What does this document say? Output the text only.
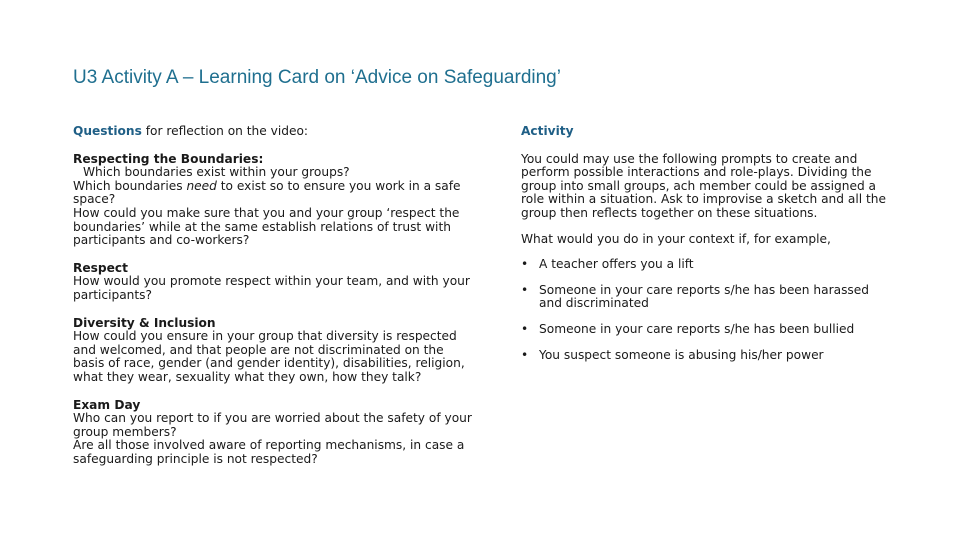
U3 Activity A – Learning Card on ‘Advice on Safeguarding’
Questions for reflection on the video:
Respecting the Boundaries:
Which boundaries exist within your groups?
Which boundaries need to exist so to ensure you work in a safe space?
How could you make sure that you and your group ‘respect the boundaries’ while at the same establish relations of trust with participants and co-workers?
Respect
How would you promote respect within your team, and with your participants?
Diversity & Inclusion
How could you ensure in your group that diversity is respected and welcomed, and that people are not discriminated on the basis of race, gender (and gender identity), disabilities, religion, what they wear, sexuality what they own, how they talk?
Exam Day
Who can you report to if you are worried about the safety of your group members?
Are all those involved aware of reporting mechanisms, in case a safeguarding principle is not respected?
Activity
You could may use the following prompts to create and perform possible interactions and role-plays. Dividing the group into small groups, ach member could be assigned a role within a situation. Ask to improvise a sketch and all the group then reflects together on these situations.
What would you do in your context if, for example,
• A teacher offers you a lift
• Someone in your care reports s/he has been harassed and discriminated
• Someone in your care reports s/he has been bullied
• You suspect someone is abusing his/her power
